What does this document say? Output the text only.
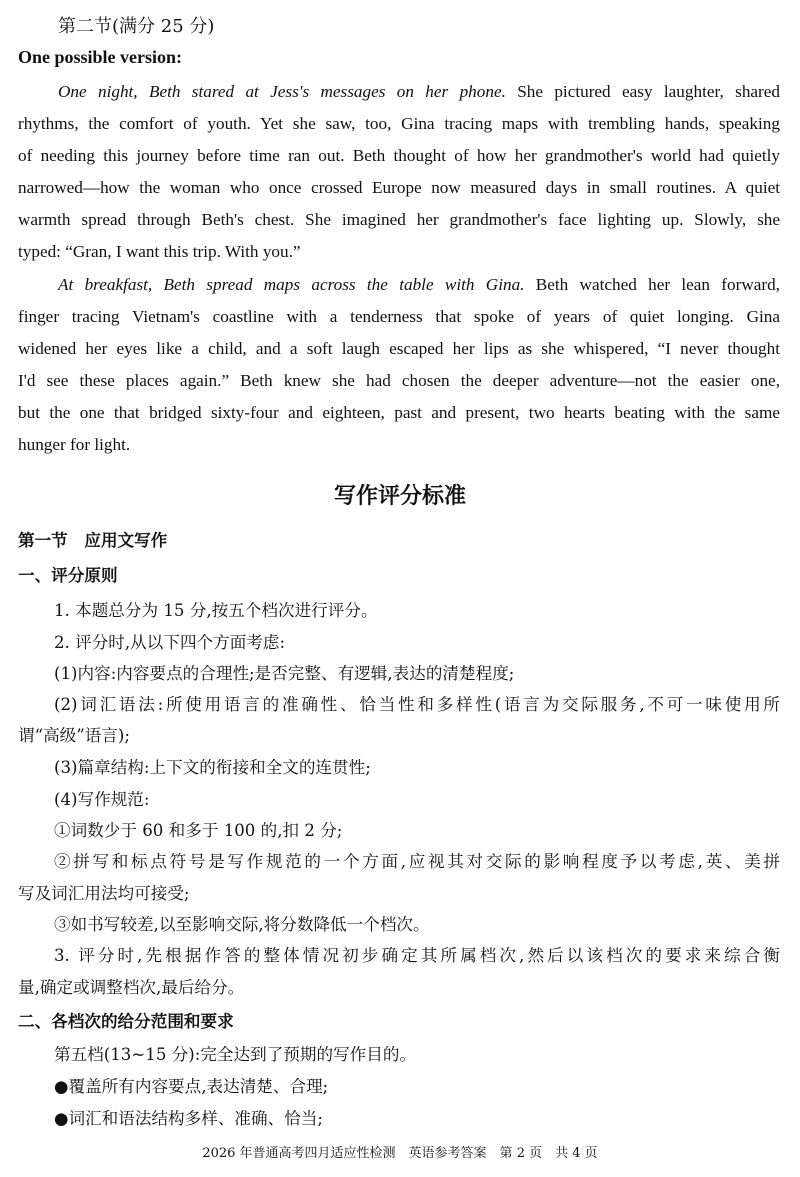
第二节(满分 25 分)
One possible version:
One night, Beth stared at Jess's messages on her phone. She pictured easy laughter, shared
rhythms, the comfort of youth. Yet she saw, too, Gina tracing maps with trembling hands, speaking
of needing this journey before time ran out. Beth thought of how her grandmother's world had quietly
narrowed—how the woman who once crossed Europe now measured days in small routines. A quiet
warmth spread through Beth's chest. She imagined her grandmother's face lighting up. Slowly, she
typed: “Gran, I want this trip. With you.”
At breakfast, Beth spread maps across the table with Gina. Beth watched her lean forward,
finger tracing Vietnam's coastline with a tenderness that spoke of years of quiet longing. Gina
widened her eyes like a child, and a soft laugh escaped her lips as she whispered, “I never thought
I'd see these places again.” Beth knew she had chosen the deeper adventure—not the easier one,
but the one that bridged sixty-four and eighteen, past and present, two hearts beating with the same
hunger for light.
写作评分标准
第一节　应用文写作
一、评分原则
1. 本题总分为 15 分,按五个档次进行评分。
2. 评分时,从以下四个方面考虑:
(1)内容:内容要点的合理性;是否完整、有逻辑,表达的清楚程度;
(2)词汇语法:所使用语言的准确性、恰当性和多样性(语言为交际服务,不可一味使用所
谓“高级”语言);
(3)篇章结构:上下文的衔接和全文的连贯性;
(4)写作规范:
①词数少于 60 和多于 100 的,扣 2 分;
②拼写和标点符号是写作规范的一个方面,应视其对交际的影响程度予以考虑,英、美拼
写及词汇用法均可接受;
③如书写较差,以至影响交际,将分数降低一个档次。
3. 评分时,先根据作答的整体情况初步确定其所属档次,然后以该档次的要求来综合衡
量,确定或调整档次,最后给分。
二、各档次的给分范围和要求
第五档(13~15 分):完全达到了预期的写作目的。
●覆盖所有内容要点,表达清楚、合理;
●词汇和语法结构多样、准确、恰当;
2026 年普通高考四月适应性检测　英语参考答案　第 2 页　共 4 页
